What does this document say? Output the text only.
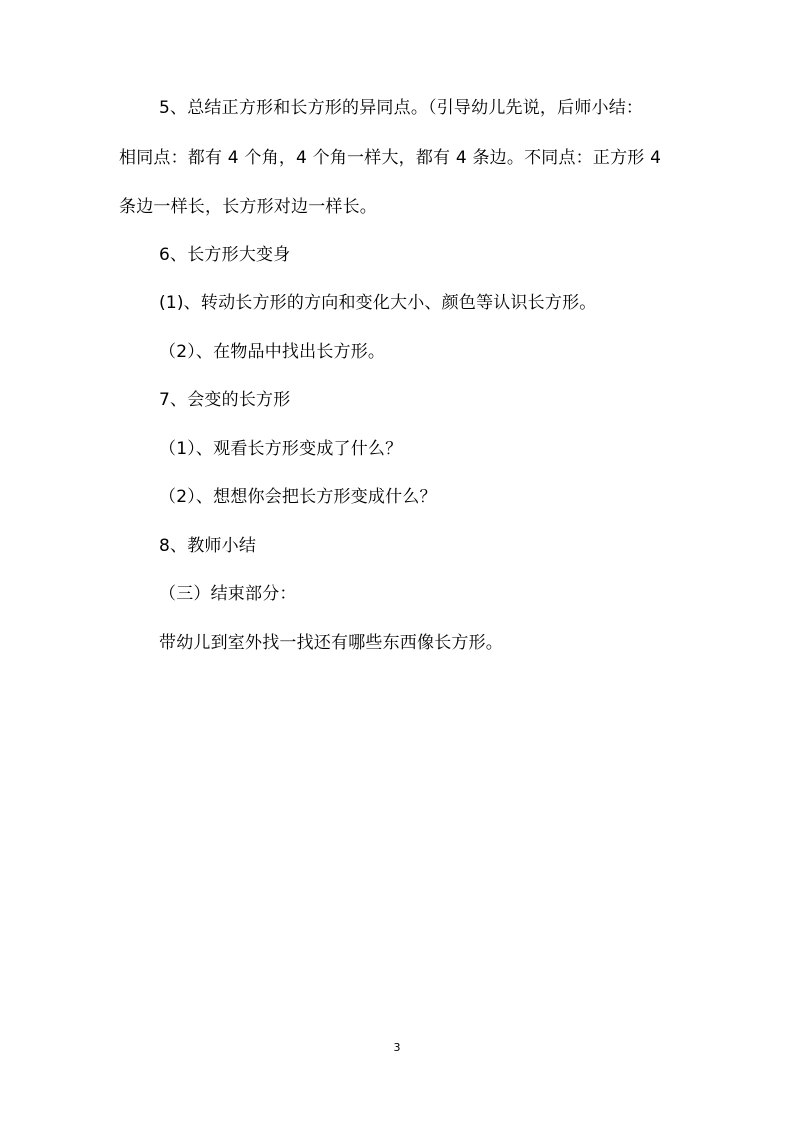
5、总结正方形和长方形的异同点。（引导幼儿先说，后师小结：
相同点：都有 4 个角，4 个角一样大，都有 4 条边。不同点：正方形 4
条边一样长，长方形对边一样长。
6、长方形大变身
(1)、转动长方形的方向和变化大小、颜色等认识长方形。
（2）、在物品中找出长方形。
7、会变的长方形
（1）、观看长方形变成了什么？
（2）、想想你会把长方形变成什么？
8、教师小结
（三）结束部分：
带幼儿到室外找一找还有哪些东西像长方形。
3
